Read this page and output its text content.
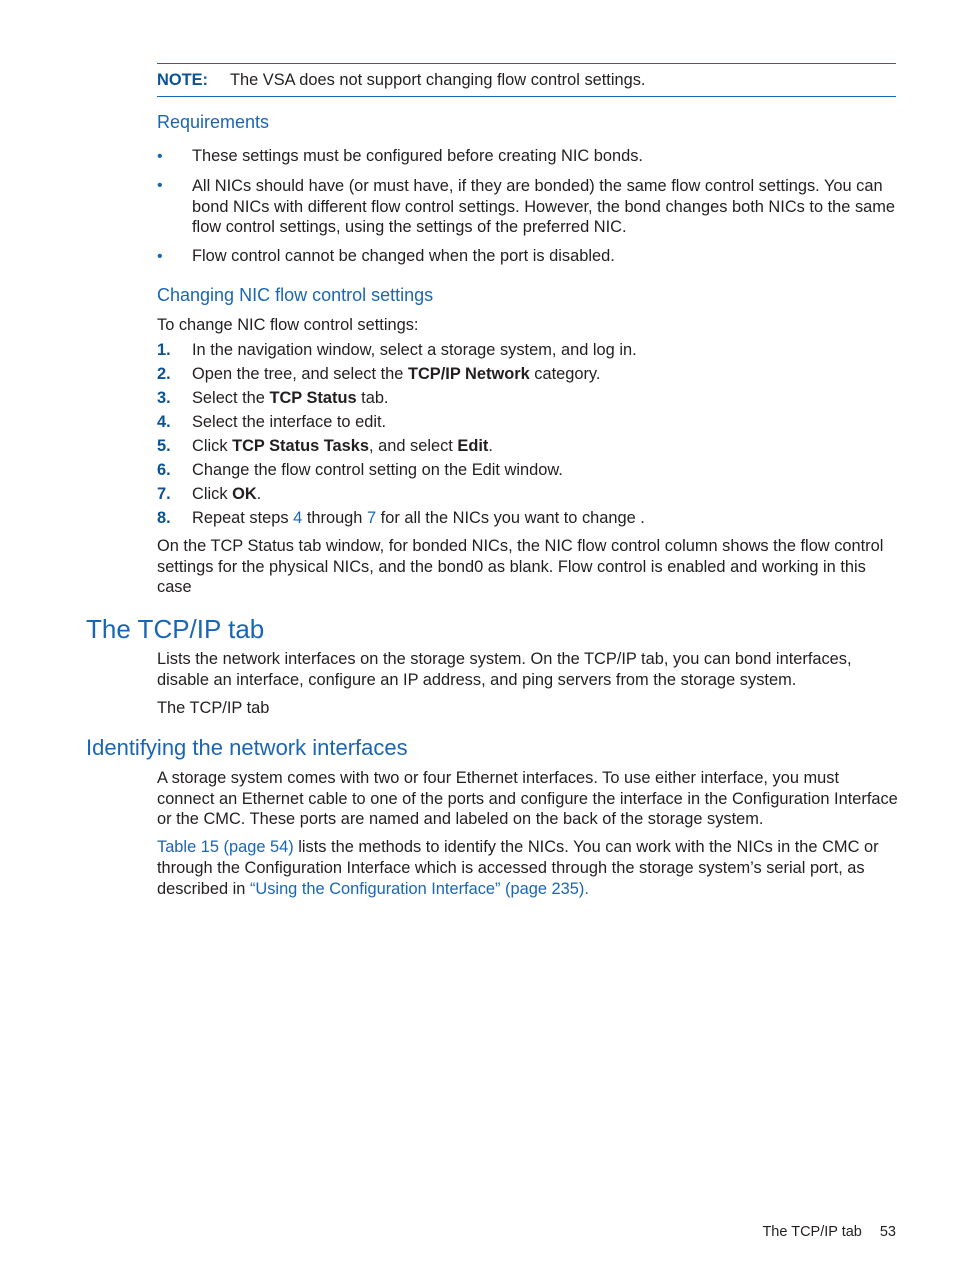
NOTE: The VSA does not support changing flow control settings.
Requirements
• These settings must be configured before creating NIC bonds.
• All NICs should have (or must have, if they are bonded) the same flow control settings. You can bond NICs with different flow control settings. However, the bond changes both NICs to the same flow control settings, using the settings of the preferred NIC.
• Flow control cannot be changed when the port is disabled.
Changing NIC flow control settings

To change NIC flow control settings:

1. In the navigation window, select a storage system, and log in.
2. Open the tree, and select the TCP/IP Network category.
3. Select the TCP Status tab.
4. Select the interface to edit.
5. Click TCP Status Tasks, and select Edit.
6. Change the flow control setting on the Edit window.
7. Click OK.
8. Repeat steps 4 through 7 for all the NICs you want to change .

On the TCP Status tab window, for bonded NICs, the NIC flow control column shows the flow control settings for the physical NICs, and the bond0 as blank. Flow control is enabled and working in this case

The TCP/IP tab

Lists the network interfaces on the storage system. On the TCP/IP tab, you can bond interfaces, disable an interface, configure an IP address, and ping servers from the storage system.

The TCP/IP tab

Identifying the network interfaces

A storage system comes with two or four Ethernet interfaces. To use either interface, you must connect an Ethernet cable to one of the ports and configure the interface in the Configuration Interface or the CMC. These ports are named and labeled on the back of the storage system.

Table 15 (page 54) lists the methods to identify the NICs. You can work with the NICs in the CMC or through the Configuration Interface which is accessed through the storage system’s serial port, as described in “Using the Configuration Interface” (page 235).

The TCP/IP tab 53
